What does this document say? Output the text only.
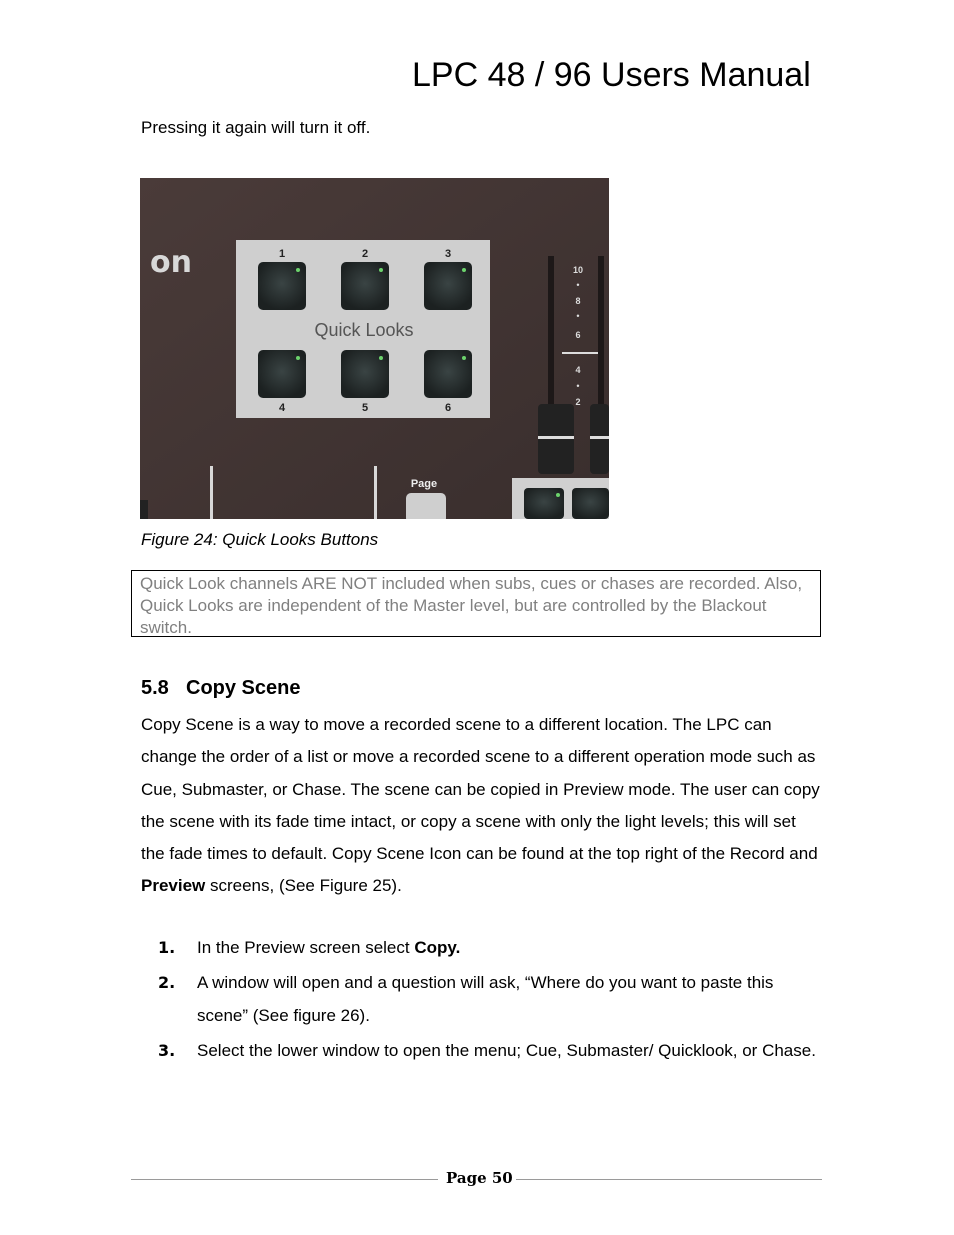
LPC 48 / 96 Users Manual
Pressing it again will turn it off.
on	1	2	3
Quick Looks
4	5	6
10
•
8
•
6
4
•
2
Page
Figure 24: Quick Looks Buttons
Quick Look channels ARE NOT included when subs, cues or chases are recorded. Also, Quick Looks are independent of the Master level, but are controlled by the Blackout switch.
5.8 Copy Scene
Copy Scene is a way to move a recorded scene to a different location. The LPC can change the order of a list or move a recorded scene to a different operation mode such as Cue, Submaster, or Chase. The scene can be copied in Preview mode. The user can copy the scene with its fade time intact, or copy a scene with only the light levels; this will set the fade times to default. Copy Scene Icon can be found at the top right of the Record and Preview screens, (See Figure 25).
1.	In the Preview screen select Copy.
2.	A window will open and a question will ask, “Where do you want to paste this scene” (See figure 26).
3.	Select the lower window to open the menu; Cue, Submaster/ Quicklook, or Chase.
Page 50
